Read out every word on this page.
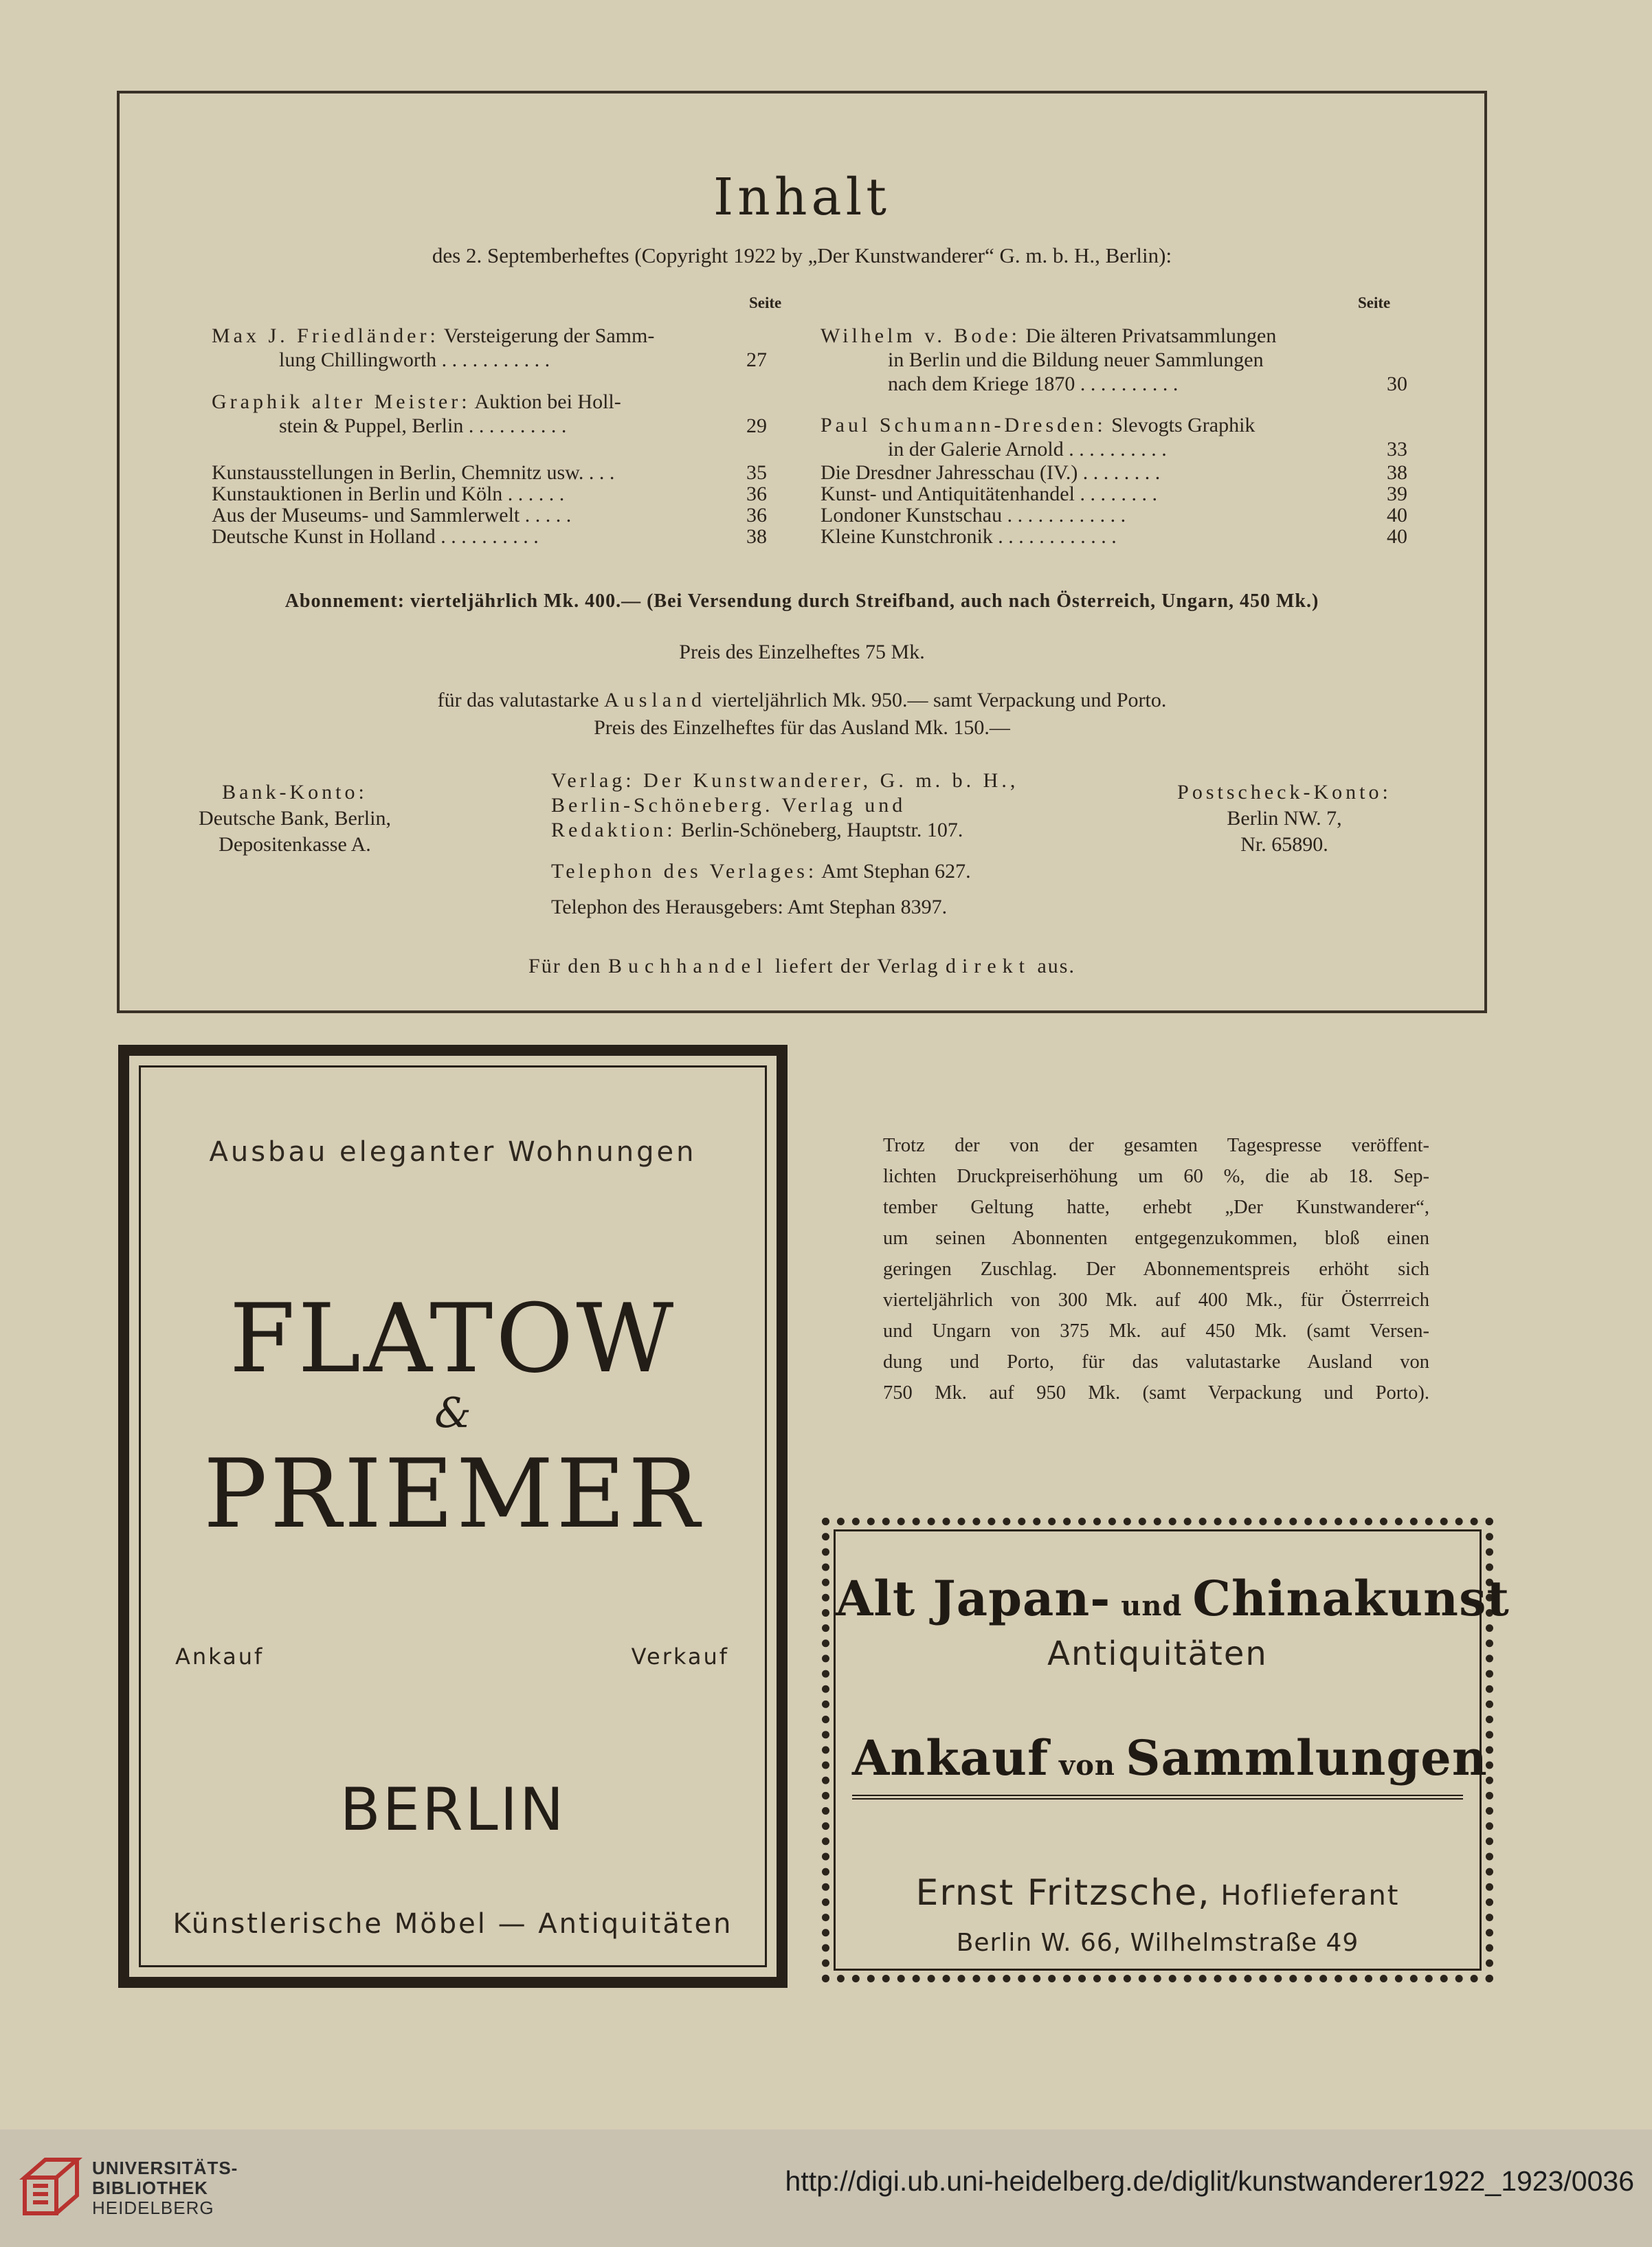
Inhalt
des 2. Septemberheftes (Copyright 1922 by „Der Kunstwanderer“ G. m. b. H., Berlin):
Seite	Seite
Max J. Friedländer: Versteigerung der Samm-
lung Chillingworth . . . . . . . . . . .	27
Graphik alter Meister: Auktion bei Holl-
stein & Puppel, Berlin . . . . . . . . . .	29
Wilhelm v. Bode: Die älteren Privatsammlungen
in Berlin und die Bildung neuer Sammlungen
nach dem Kriege 1870 . . . . . . . . . .	30
Paul Schumann-Dresden: Slevogts Graphik
in der Galerie Arnold . . . . . . . . . .	33
Kunstausstellungen in Berlin, Chemnitz usw. . . .	35
Kunstauktionen in Berlin und Köln . . . . . .	36
Aus der Museums- und Sammlerwelt . . . . .	36
Deutsche Kunst in Holland . . . . . . . . . .	38
Die Dresdner Jahresschau (IV.) . . . . . . . .	38
Kunst- und Antiquitätenhandel . . . . . . . .	39
Londoner Kunstschau . . . . . . . . . . . .	40
Kleine Kunstchronik . . . . . . . . . . . .	40
Abonnement: vierteljährlich Mk. 400.— (Bei Versendung durch Streifband, auch nach Österreich, Ungarn, 450 Mk.)
Preis des Einzelheftes 75 Mk.
für das valutastarke Ausland vierteljährlich Mk. 950.— samt Verpackung und Porto.
Preis des Einzelheftes für das Ausland Mk. 150.—
Bank-Konto:
Deutsche Bank, Berlin,
Depositenkasse A.
Verlag: Der Kunstwanderer, G. m. b. H.,
Berlin-Schöneberg. Verlag und
Redaktion: Berlin-Schöneberg, Hauptstr. 107.
Telephon des Verlages: Amt Stephan 627.
Telephon des Herausgebers: Amt Stephan 8397.
Postscheck-Konto:
Berlin NW. 7,
Nr. 65890.
Für den Buchhandel liefert der Verlag direkt aus.
Ausbau eleganter Wohnungen
FLATOW
&
PRIEMER
Ankauf	Verkauf
BERLIN
Künstlerische Möbel — Antiquitäten
Trotz der von der gesamten Tagespresse veröffent-
lichten Druckpreiserhöhung um 60 %, die ab 18. Sep-
tember Geltung hatte, erhebt „Der Kunstwanderer“,
um seinen Abonnenten entgegenzukommen, bloß einen
geringen Zuschlag. Der Abonnementspreis erhöht sich
vierteljährlich von 300 Mk. auf 400 Mk., für Österrreich
und Ungarn von 375 Mk. auf 450 Mk. (samt Versen-
dung und Porto, für das valutastarke Ausland von
750 Mk. auf 950 Mk. (samt Verpackung und Porto).
Alt Japan- und Chinakunst
Antiquitäten
Ankauf von Sammlungen
Ernst Fritzsche, Hoflieferant
Berlin W. 66, Wilhelmstraße 49
UNIVERSITÄTS-
BIBLIOTHEK
HEIDELBERG
http://digi.ub.uni-heidelberg.de/diglit/kunstwanderer1922_1923/0036
